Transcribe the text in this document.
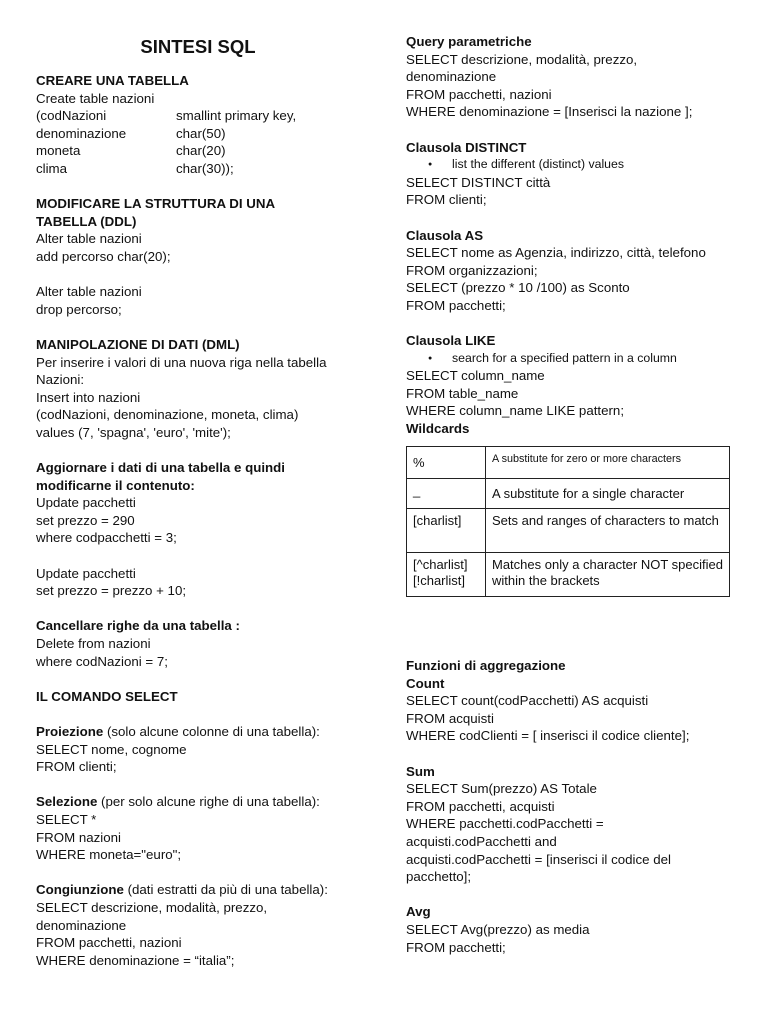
SINTESI SQL
CREARE UNA TABELLA
Create table nazioni
(codNazioni	smallint primary key,
denominazione	char(50)
moneta	char(20)
clima	char(30));
MODIFICARE LA STRUTTURA DI UNA
TABELLA (DDL)
Alter table nazioni
add percorso char(20);
Alter table nazioni
drop percorso;
MANIPOLAZIONE DI DATI (DML)
Per inserire i valori di una nuova riga nella tabella
Nazioni:
Insert into nazioni
(codNazioni, denominazione, moneta, clima)
values (7, 'spagna', 'euro', 'mite');
Aggiornare i dati di una tabella e quindi
modificarne il contenuto:
Update pacchetti
set prezzo = 290
where codpacchetti = 3;
Update pacchetti
set prezzo = prezzo + 10;
Cancellare righe da una tabella :
Delete from nazioni
where codNazioni = 7;
IL COMANDO SELECT
Proiezione (solo alcune colonne di una tabella):
SELECT nome, cognome
FROM clienti;
Selezione (per solo alcune righe di una tabella):
SELECT *
FROM nazioni
WHERE moneta="euro";
Congiunzione (dati estratti da più di una tabella):
SELECT descrizione, modalità, prezzo,
denominazione
FROM pacchetti, nazioni
WHERE denominazione = “italia”;
Query parametriche
SELECT descrizione, modalità, prezzo,
denominazione
FROM pacchetti, nazioni
WHERE denominazione = [Inserisci la nazione ];
Clausola DISTINCT
● list the different (distinct) values
SELECT DISTINCT città
FROM clienti;
Clausola AS
SELECT nome as Agenzia, indirizzo, città, telefono
FROM organizzazioni;
SELECT (prezzo * 10 /100) as Sconto
FROM pacchetti;
Clausola LIKE
● search for a specified pattern in a column
SELECT column_name
FROM table_name
WHERE column_name LIKE pattern;
Wildcards
%	A substitute for zero or more characters
_	A substitute for a single character
[charlist]	Sets and ranges of characters to match
[^charlist]
[!charlist]	Matches only a character NOT specified within the brackets
Funzioni di aggregazione
Count
SELECT count(codPacchetti) AS acquisti
FROM acquisti
WHERE codClienti = [ inserisci il codice cliente];
Sum
SELECT Sum(prezzo) AS Totale
FROM pacchetti, acquisti
WHERE pacchetti.codPacchetti =
acquisti.codPacchetti and
acquisti.codPacchetti = [inserisci il codice del
pacchetto];
Avg
SELECT Avg(prezzo) as media
FROM pacchetti;
